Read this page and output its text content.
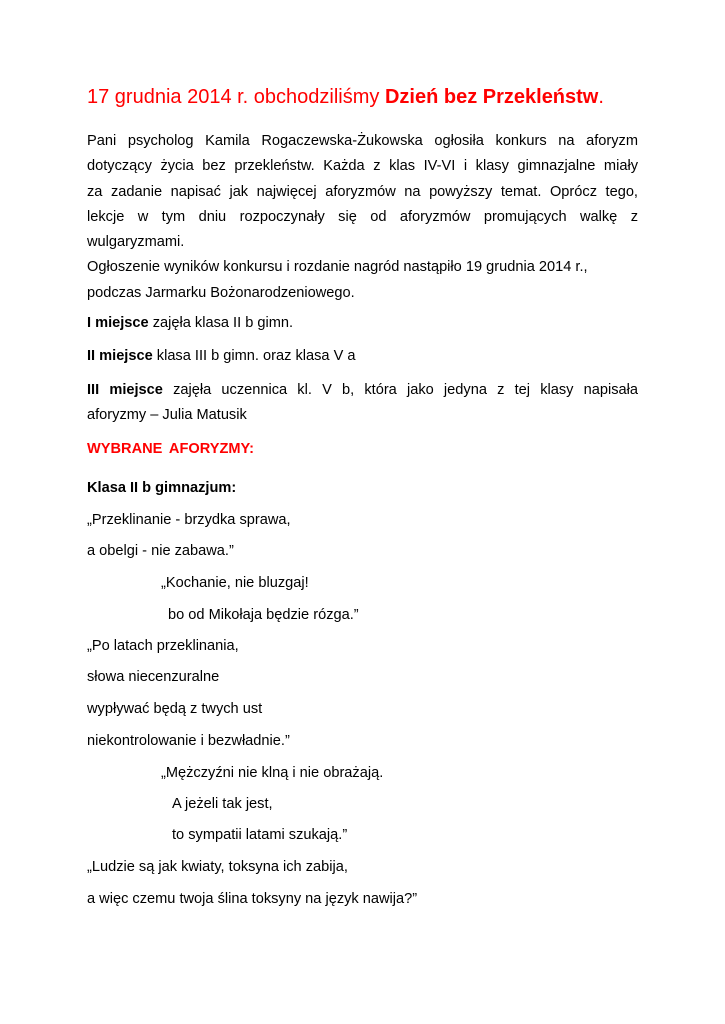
17 grudnia 2014 r. obchodziliśmy Dzień bez Przekleństw.
Pani psycholog Kamila Rogaczewska-Żukowska ogłosiła konkurs na aforyzm
dotyczący życia bez przekleństw. Każda z klas IV-VI i klasy gimnazjalne miały
za zadanie napisać jak najwięcej aforyzmów na powyższy temat. Oprócz tego,
lekcje w tym dniu rozpoczynały się od aforyzmów promujących walkę z
wulgaryzmami.
Ogłoszenie wyników konkursu i rozdanie nagród nastąpiło 19 grudnia 2014 r.,
podczas Jarmarku Bożonarodzeniowego.

I miejsce zajęła klasa II b gimn.

II miejsce klasa III b gimn. oraz klasa V a

III miejsce zajęła uczennica kl. V b, która jako jedyna z tej klasy napisała
aforyzmy – Julia Matusik

WYBRANE AFORYZMY:

Klasa II b gimnazjum:

„Przeklinanie - brzydka sprawa,

a obelgi - nie zabawa.”

„Kochanie, nie bluzgaj!

bo od Mikołaja będzie rózga.”

„Po latach przeklinania,

słowa niecenzuralne

wypływać będą z twych ust

niekontrolowanie i bezwładnie.”

„Mężczyźni nie klną i nie obrażają.

A jeżeli tak jest,

to sympatii latami szukają.”

„Ludzie są jak kwiaty, toksyna ich zabija,

a więc czemu twoja ślina toksyny na język nawija?”
